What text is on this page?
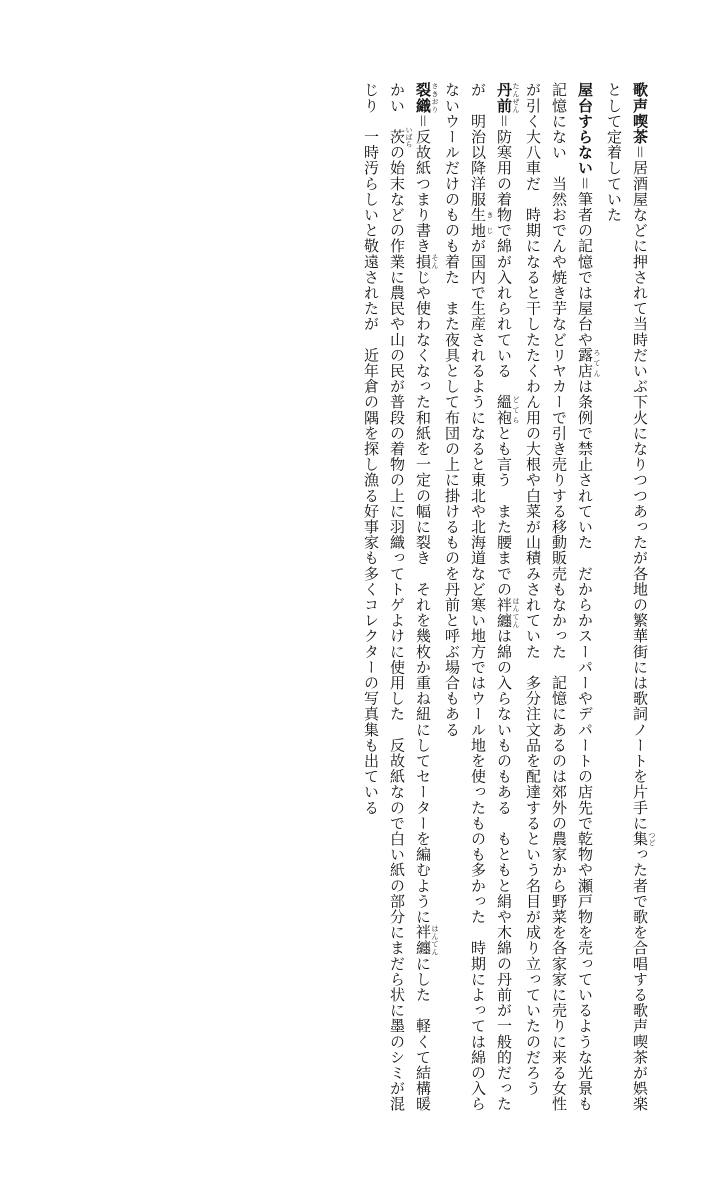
歌声喫茶＝居酒屋などに押されて当時だいぶ下火になりつつあったが各地の繁華街には歌詞ノートを片手に集 つどった者で歌を合唱する歌声喫茶が娯楽として定着していた

屋台すらない＝筆者の記憶では屋台や露店 ろてんは条例で禁止されていた　だからかスーパーやデパートの店先で乾物や瀬戸物を売っているような光景も記憶にない　当然おでんや焼き芋などリヤカーで引き売りする移動販売もなかった　記憶にあるのは郊外の農家から野菜を各家家に売りに来る女性が引く大八車だ　時期になると干したたくわん用の大根や白菜が山積みされていた　多分注文品を配達するという名目が成り立っていたのだろう

丹前 たんぜん＝防寒用の着物で綿が入れられている　縕袍 どてらとも言う　また腰までの袢纏 はんてんは綿の入らないものもある　もともと絹や木綿の丹前が一般的だったが　明治以降洋服生地 きじが国内で生産されるようになると東北や北海道など寒い地方ではウール地を使ったものも多かった　時期によっては綿の入らないウールだけのものも着た　また夜具として布団の上に掛けるものを丹前と呼ぶ場合もある

裂織 さきおり＝反故紙つまり書き損 そんじや使わなくなった和紙を一定の幅に裂き　それを幾枚か重ね紐にしてセーターを編むように袢纏 はんてんにした　軽くて結構暖かい　茨 いばらの始末などの作業に農民や山の民が普段の着物の上に羽織ってトゲよけに使用した　反故紙なので白い紙の部分にまだら状に墨のシミが混じり　一時汚らしいと敬遠されたが　近年倉の隅を探し漁る好事家も多くコレクターの写真集も出ている
